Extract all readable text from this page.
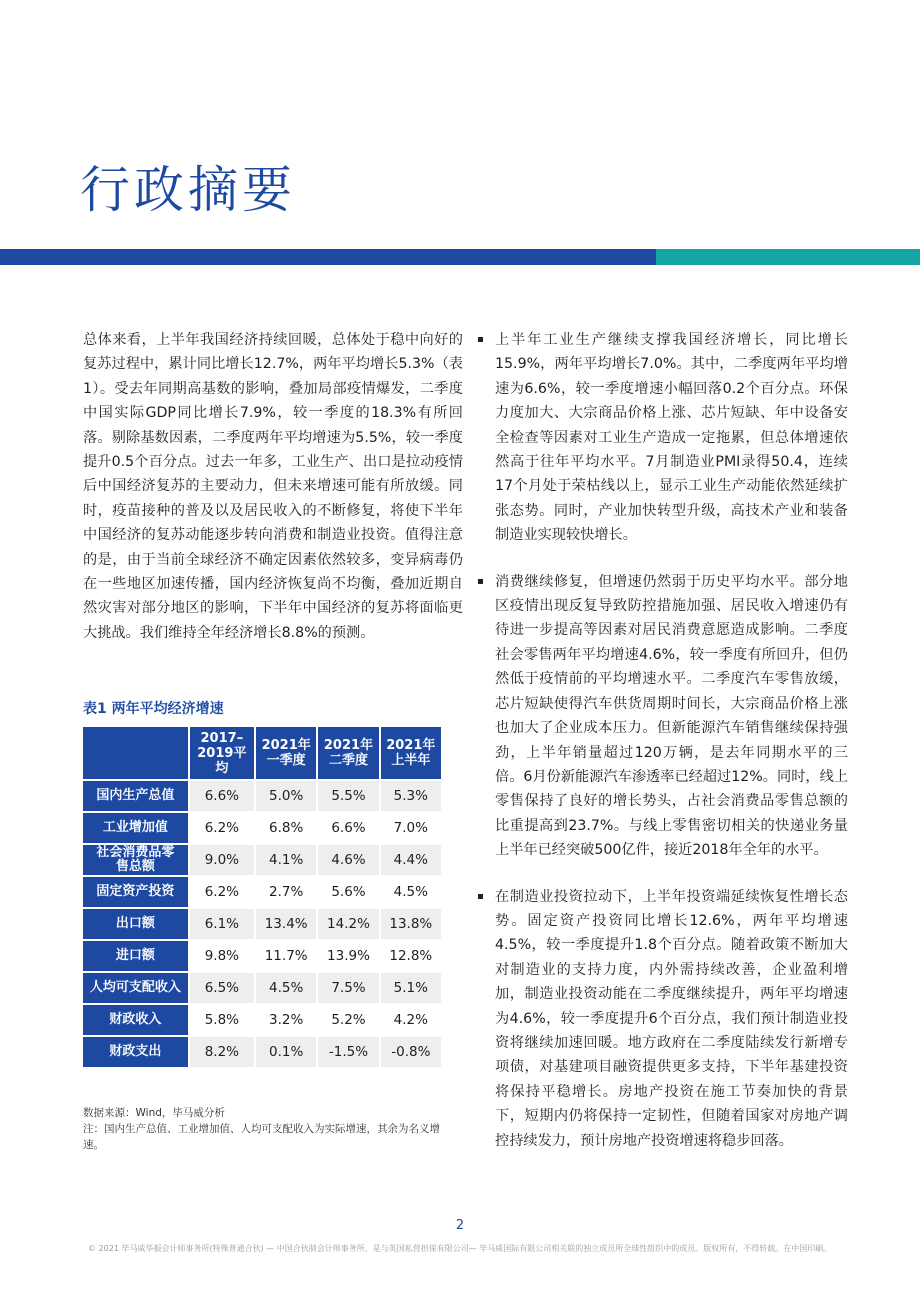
行政摘要

总体来看，上半年我国经济持续回暖，总体处于稳中向好的复苏过程中，累计同比增长12.7%，两年平均增长5.3%（表1）。受去年同期高基数的影响，叠加局部疫情爆发，二季度中国实际GDP同比增长7.9%，较一季度的18.3%有所回落。剔除基数因素，二季度两年平均增速为5.5%，较一季度提升0.5个百分点。过去一年多，工业生产、出口是拉动疫情后中国经济复苏的主要动力，但未来增速可能有所放缓。同时，疫苗接种的普及以及居民收入的不断修复，将使下半年中国经济的复苏动能逐步转向消费和制造业投资。值得注意的是，由于当前全球经济不确定因素依然较多，变异病毒仍在一些地区加速传播，国内经济恢复尚不均衡，叠加近期自然灾害对部分地区的影响，下半年中国经济的复苏将面临更大挑战。我们维持全年经济增长8.8%的预测。

表1 两年平均经济增速

	2017–2019平均	2021年一季度	2021年二季度	2021年上半年
国内生产总值	6.6%	5.0%	5.5%	5.3%
工业增加值	6.2%	6.8%	6.6%	7.0%
社会消费品零售总额	9.0%	4.1%	4.6%	4.4%
固定资产投资	6.2%	2.7%	5.6%	4.5%
出口额	6.1%	13.4%	14.2%	13.8%
进口额	9.8%	11.7%	13.9%	12.8%
人均可支配收入	6.5%	4.5%	7.5%	5.1%
财政收入	5.8%	3.2%	5.2%	4.2%
财政支出	8.2%	0.1%	-1.5%	-0.8%

数据来源：Wind，毕马威分析

注：国内生产总值、工业增加值、人均可支配收入为实际增速，其余为名义增速。

上半年工业生产继续支撑我国经济增长，同比增长15.9%，两年平均增长7.0%。其中，二季度两年平均增速为6.6%，较一季度增速小幅回落0.2个百分点。环保力度加大、大宗商品价格上涨、芯片短缺、年中设备安全检查等因素对工业生产造成一定拖累，但总体增速依然高于往年平均水平。7月制造业PMI录得50.4，连续17个月处于荣枯线以上，显示工业生产动能依然延续扩张态势。同时，产业加快转型升级，高技术产业和装备制造业实现较快增长。
消费继续修复，但增速仍然弱于历史平均水平。部分地区疫情出现反复导致防控措施加强、居民收入增速仍有待进一步提高等因素对居民消费意愿造成影响。二季度社会零售两年平均增速4.6%，较一季度有所回升，但仍然低于疫情前的平均增速水平。二季度汽车零售放缓，芯片短缺使得汽车供货周期时间长，大宗商品价格上涨也加大了企业成本压力。但新能源汽车销售继续保持强劲，上半年销量超过120万辆，是去年同期水平的三倍。6月份新能源汽车渗透率已经超过12%。同时，线上零售保持了良好的增长势头，占社会消费品零售总额的比重提高到23.7%。与线上零售密切相关的快递业务量上半年已经突破500亿件，接近2018年全年的水平。
在制造业投资拉动下，上半年投资端延续恢复性增长态势。固定资产投资同比增长12.6%，两年平均增速4.5%，较一季度提升1.8个百分点。随着政策不断加大对制造业的支持力度，内外需持续改善，企业盈利增加，制造业投资动能在二季度继续提升，两年平均增速为4.6%，较一季度提升6个百分点，我们预计制造业投资将继续加速回暖。地方政府在二季度陆续发行新增专项债，对基建项目融资提供更多支持，下半年基建投资将保持平稳增长。房地产投资在施工节奏加快的背景下，短期内仍将保持一定韧性，但随着国家对房地产调控持续发力，预计房地产投资增速将稳步回落。
2

© 2021 毕马威华振会计师事务所(特殊普通合伙) — 中国合伙制会计师事务所，是与英国私营担保有限公司— 毕马威国际有限公司相关联的独立成员所全球性组织中的成员。版权所有，不得转载。在中国印刷。
